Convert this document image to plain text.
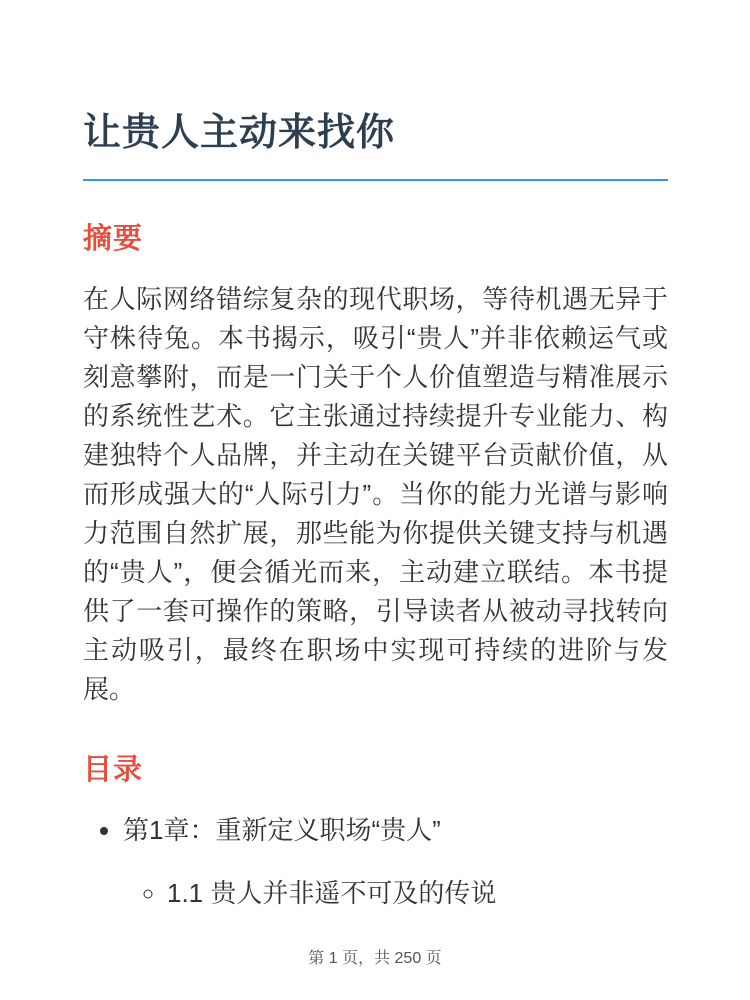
让贵人主动来找你
摘要

在人际网络错综复杂的现代职场，等待机遇无异于守株待兔。本书揭示，吸引“贵人”并非依赖运气或刻意攀附，而是一门关于个人价值塑造与精准展示的系统性艺术。它主张通过持续提升专业能力、构建独特个人品牌，并主动在关键平台贡献价值，从而形成强大的“人际引力”。当你的能力光谱与影响力范围自然扩展，那些能为你提供关键支持与机遇的“贵人”，便会循光而来，主动建立联结。本书提供了一套可操作的策略，引导读者从被动寻找转向主动吸引，最终在职场中实现可持续的进阶与发展。

目录
• 第1章：重新定义职场“贵人”
◦ 1.1 贵人并非遥不可及的传说
第 1 页，共 250 页
